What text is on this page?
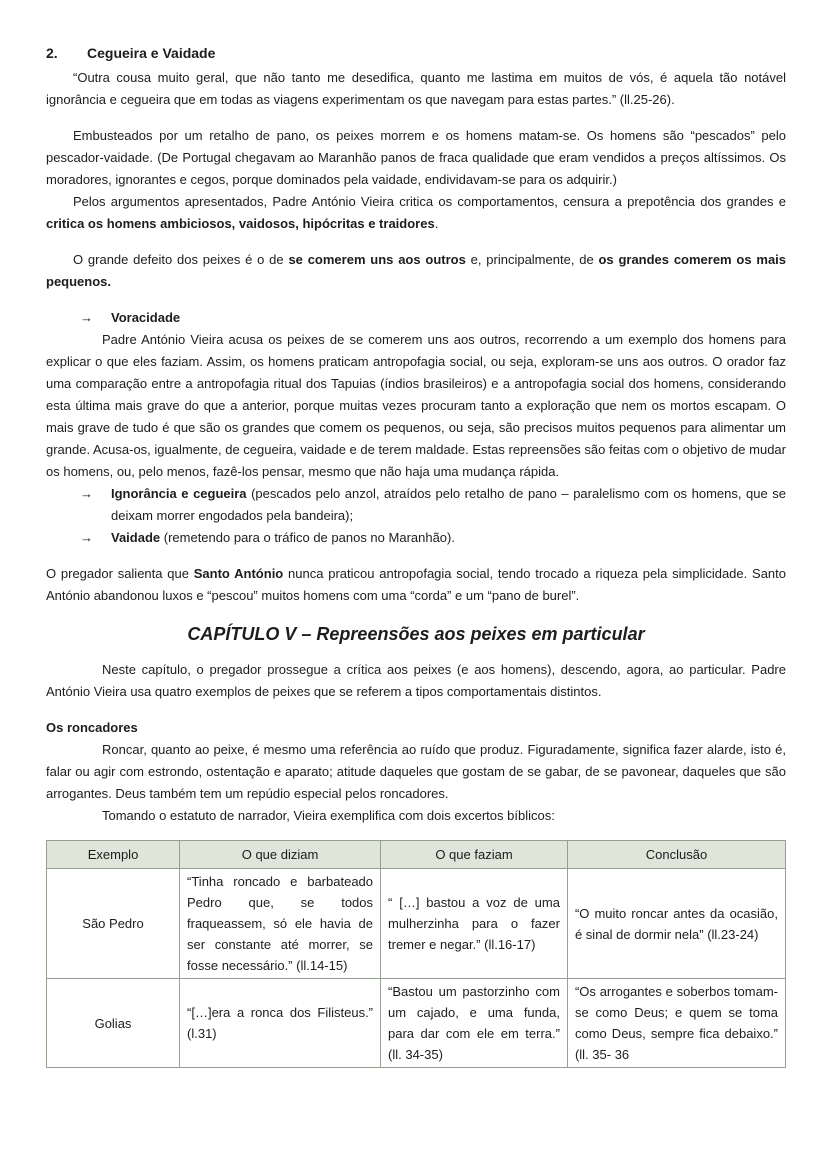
2.	Cegueira e Vaidade

“Outra cousa muito geral, que não tanto me desedifica, quanto me lastima em muitos de vós, é aquela tão notável ignorância e cegueira que em todas as viagens experimentam os que navegam para estas partes.” (ll.25-26).

Embusteados por um retalho de pano, os peixes morrem e os homens matam-se. Os homens são “pescados” pelo pescador-vaidade. (De Portugal chegavam ao Maranhão panos de fraca qualidade que eram vendidos a preços altíssimos. Os moradores, ignorantes e cegos, porque dominados pela vaidade, endividavam-se para os adquirir.)

Pelos argumentos apresentados, Padre António Vieira critica os comportamentos, censura a prepotência dos grandes e critica os homens ambiciosos, vaidosos, hipócritas e traidores.

O grande defeito dos peixes é o de se comerem uns aos outros e, principalmente, de os grandes comerem os mais pequenos.

→ Voracidade

Padre António Vieira acusa os peixes de se comerem uns aos outros, recorrendo a um exemplo dos homens para explicar o que eles faziam. Assim, os homens praticam antropofagia social, ou seja, exploram-se uns aos outros. O orador faz uma comparação entre a antropofagia ritual dos Tapuias (índios brasileiros) e a antropofagia social dos homens, considerando esta última mais grave do que a anterior, porque muitas vezes procuram tanto a exploração que nem os mortos escapam. O mais grave de tudo é que são os grandes que comem os pequenos, ou seja, são precisos muitos pequenos para alimentar um grande. Acusa-os, igualmente, de cegueira, vaidade e de terem maldade. Estas repreensões são feitas com o objetivo de mudar os homens, ou, pelo menos, fazê-los pensar, mesmo que não haja uma mudança rápida.

→ Ignorância e cegueira (pescados pelo anzol, atraídos pelo retalho de pano – paralelismo com os homens, que se deixam morrer engodados pela bandeira);

→ Vaidade (remetendo para o tráfico de panos no Maranhão).

O pregador salienta que Santo António nunca praticou antropofagia social, tendo trocado a riqueza pela simplicidade. Santo António abandonou luxos e “pescou” muitos homens com uma “corda” e um “pano de burel”.

CAPÍTULO V – Repreensões aos peixes em particular

Neste capítulo, o pregador prossegue a crítica aos peixes (e aos homens), descendo, agora, ao particular. Padre António Vieira usa quatro exemplos de peixes que se referem a tipos comportamentais distintos.

Os roncadores

Roncar, quanto ao peixe, é mesmo uma referência ao ruído que produz. Figuradamente, significa fazer alarde, isto é, falar ou agir com estrondo, ostentação e aparato; atitude daqueles que gostam de se gabar, de se pavonear, daqueles que são arrogantes. Deus também tem um repúdio especial pelos roncadores.

Tomando o estatuto de narrador, Vieira exemplifica com dois excertos bíblicos:

Exemplo	O que diziam	O que faziam	Conclusão
São Pedro	“Tinha roncado e barbateado Pedro que, se todos fraqueassem, só ele havia de ser constante até morrer, se fosse necessário.” (ll.14-15)	“ […] bastou a voz de uma mulherzinha para o fazer tremer e negar.” (ll.16-17)	“O muito roncar antes da ocasião, é sinal de dormir nela” (ll.23-24)
Golias	“[…]era a ronca dos Filisteus.” (l.31)	“Bastou um pastorzinho com um cajado, e uma funda, para dar com ele em terra.” (ll. 34-35)	“Os arrogantes e soberbos tomam-se como Deus; e quem se toma como Deus, sempre fica debaixo.” (ll. 35- 36
